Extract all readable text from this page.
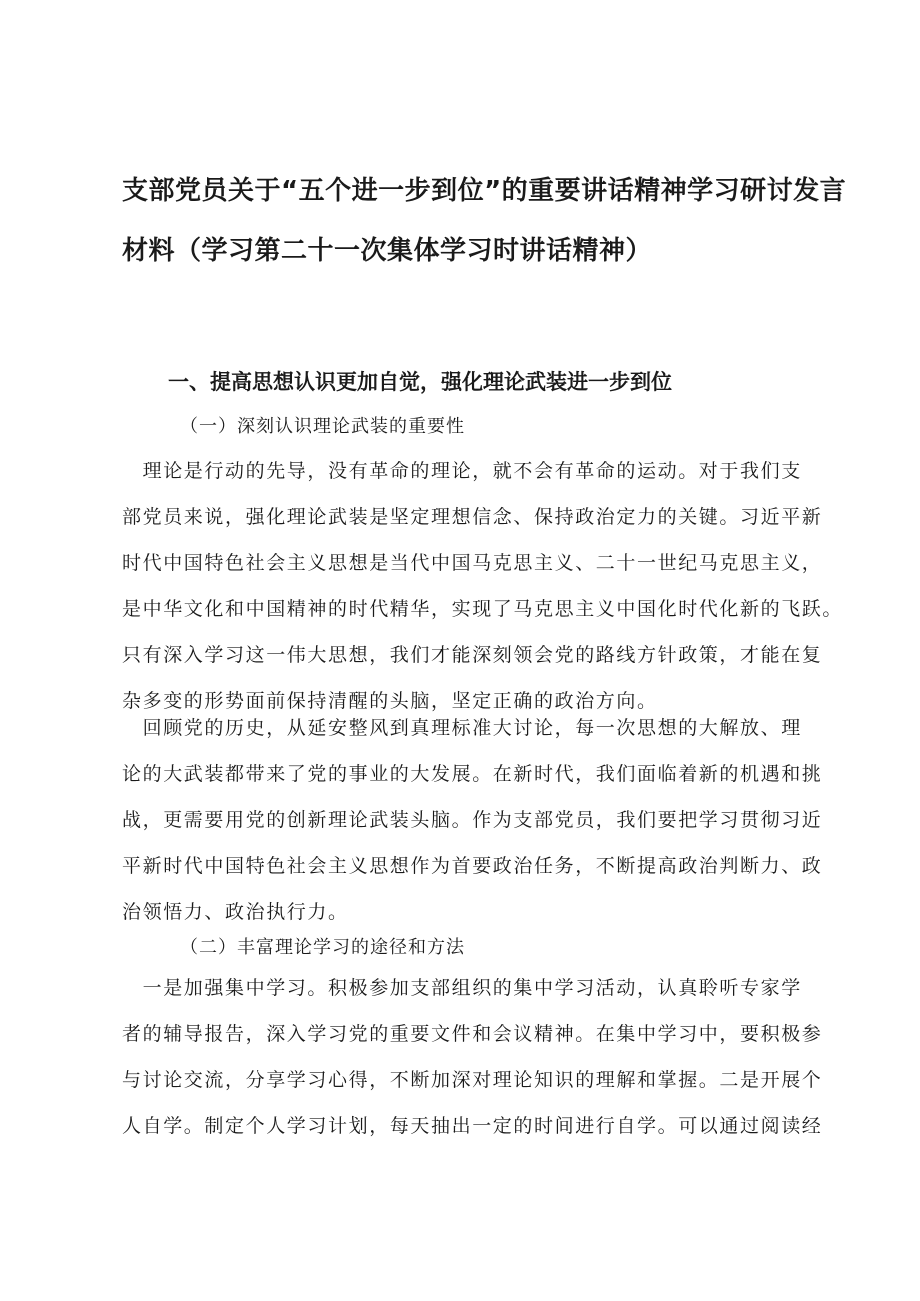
支部党员关于“五个进一步到位”的重要讲话精神学习研讨发言
材料（学习第二十一次集体学习时讲话精神）
一、提高思想认识更加自觉，强化理论武装进一步到位
（一）深刻认识理论武装的重要性
　理论是行动的先导，没有革命的理论，就不会有革命的运动。对于我们支
部党员来说，强化理论武装是坚定理想信念、保持政治定力的关键。习近平新
时代中国特色社会主义思想是当代中国马克思主义、二十一世纪马克思主义，
是中华文化和中国精神的时代精华，实现了马克思主义中国化时代化新的飞跃。
只有深入学习这一伟大思想，我们才能深刻领会党的路线方针政策，才能在复
杂多变的形势面前保持清醒的头脑，坚定正确的政治方向。
　回顾党的历史，从延安整风到真理标准大讨论，每一次思想的大解放、理
论的大武装都带来了党的事业的大发展。在新时代，我们面临着新的机遇和挑
战，更需要用党的创新理论武装头脑。作为支部党员，我们要把学习贯彻习近
平新时代中国特色社会主义思想作为首要政治任务，不断提高政治判断力、政
治领悟力、政治执行力。
（二）丰富理论学习的途径和方法
　一是加强集中学习。积极参加支部组织的集中学习活动，认真聆听专家学
者的辅导报告，深入学习党的重要文件和会议精神。在集中学习中，要积极参
与讨论交流，分享学习心得，不断加深对理论知识的理解和掌握。二是开展个
人自学。制定个人学习计划，每天抽出一定的时间进行自学。可以通过阅读经
